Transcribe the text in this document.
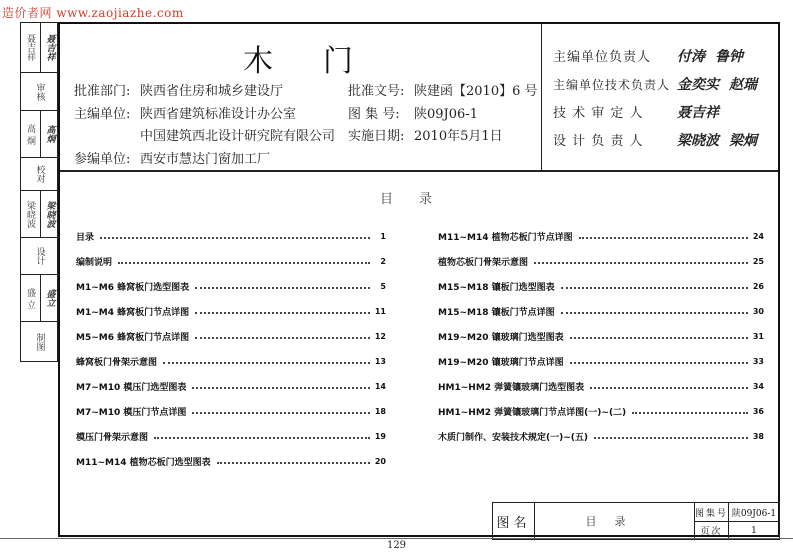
造价者网 www.zaojiazhe.com
聂吉祥	聂吉祥
审核
高 炯	高炯
校对
梁晓波	梁晓波
设计
盛 立	盛立
制图
木 门
批准部门: 陕西省住房和城乡建设厅
主编单位: 陕西省建筑标准设计办公室
中国建筑西北设计研究院有限公司
参编单位: 西安市慧达门窗加工厂
批准文号: 陕建函【2010】6 号
图 集 号: 陕09J06-1
实施日期: 2010年5月1日
主编单位负责人 付涛 鲁钟
主编单位技术负责人 金奕实 赵瑞
技 术 审 定 人 聂吉祥
设 计 负 责 人 梁晓波 梁炯
目录
目录	1
编制说明	2
M1~M6 蜂窝板门选型图表	5
M1~M4 蜂窝板门节点详图	11
M5~M6 蜂窝板门节点详图	12
蜂窝板门骨架示意图	13
M7~M10 模压门选型图表	14
M7~M10 模压门节点详图	18
模压门骨架示意图	19
M11~M14 植物芯板门选型图表	20
M11~M14 植物芯板门节点详图	24
植物芯板门骨架示意图	25
M15~M18 镶板门选型图表	26
M15~M18 镶板门节点详图	30
M19~M20 镶玻璃门选型图表	31
M19~M20 镶玻璃门节点详图	33
HM1~HM2 弹簧镶玻璃门选型图表	34
HM1~HM2 弹簧镶玻璃门节点详图(一)~(二)	36
木质门制作、安装技术规定(一)~(五)	38
图名	目录
图集号 陕09J06-1
页次	1
129
